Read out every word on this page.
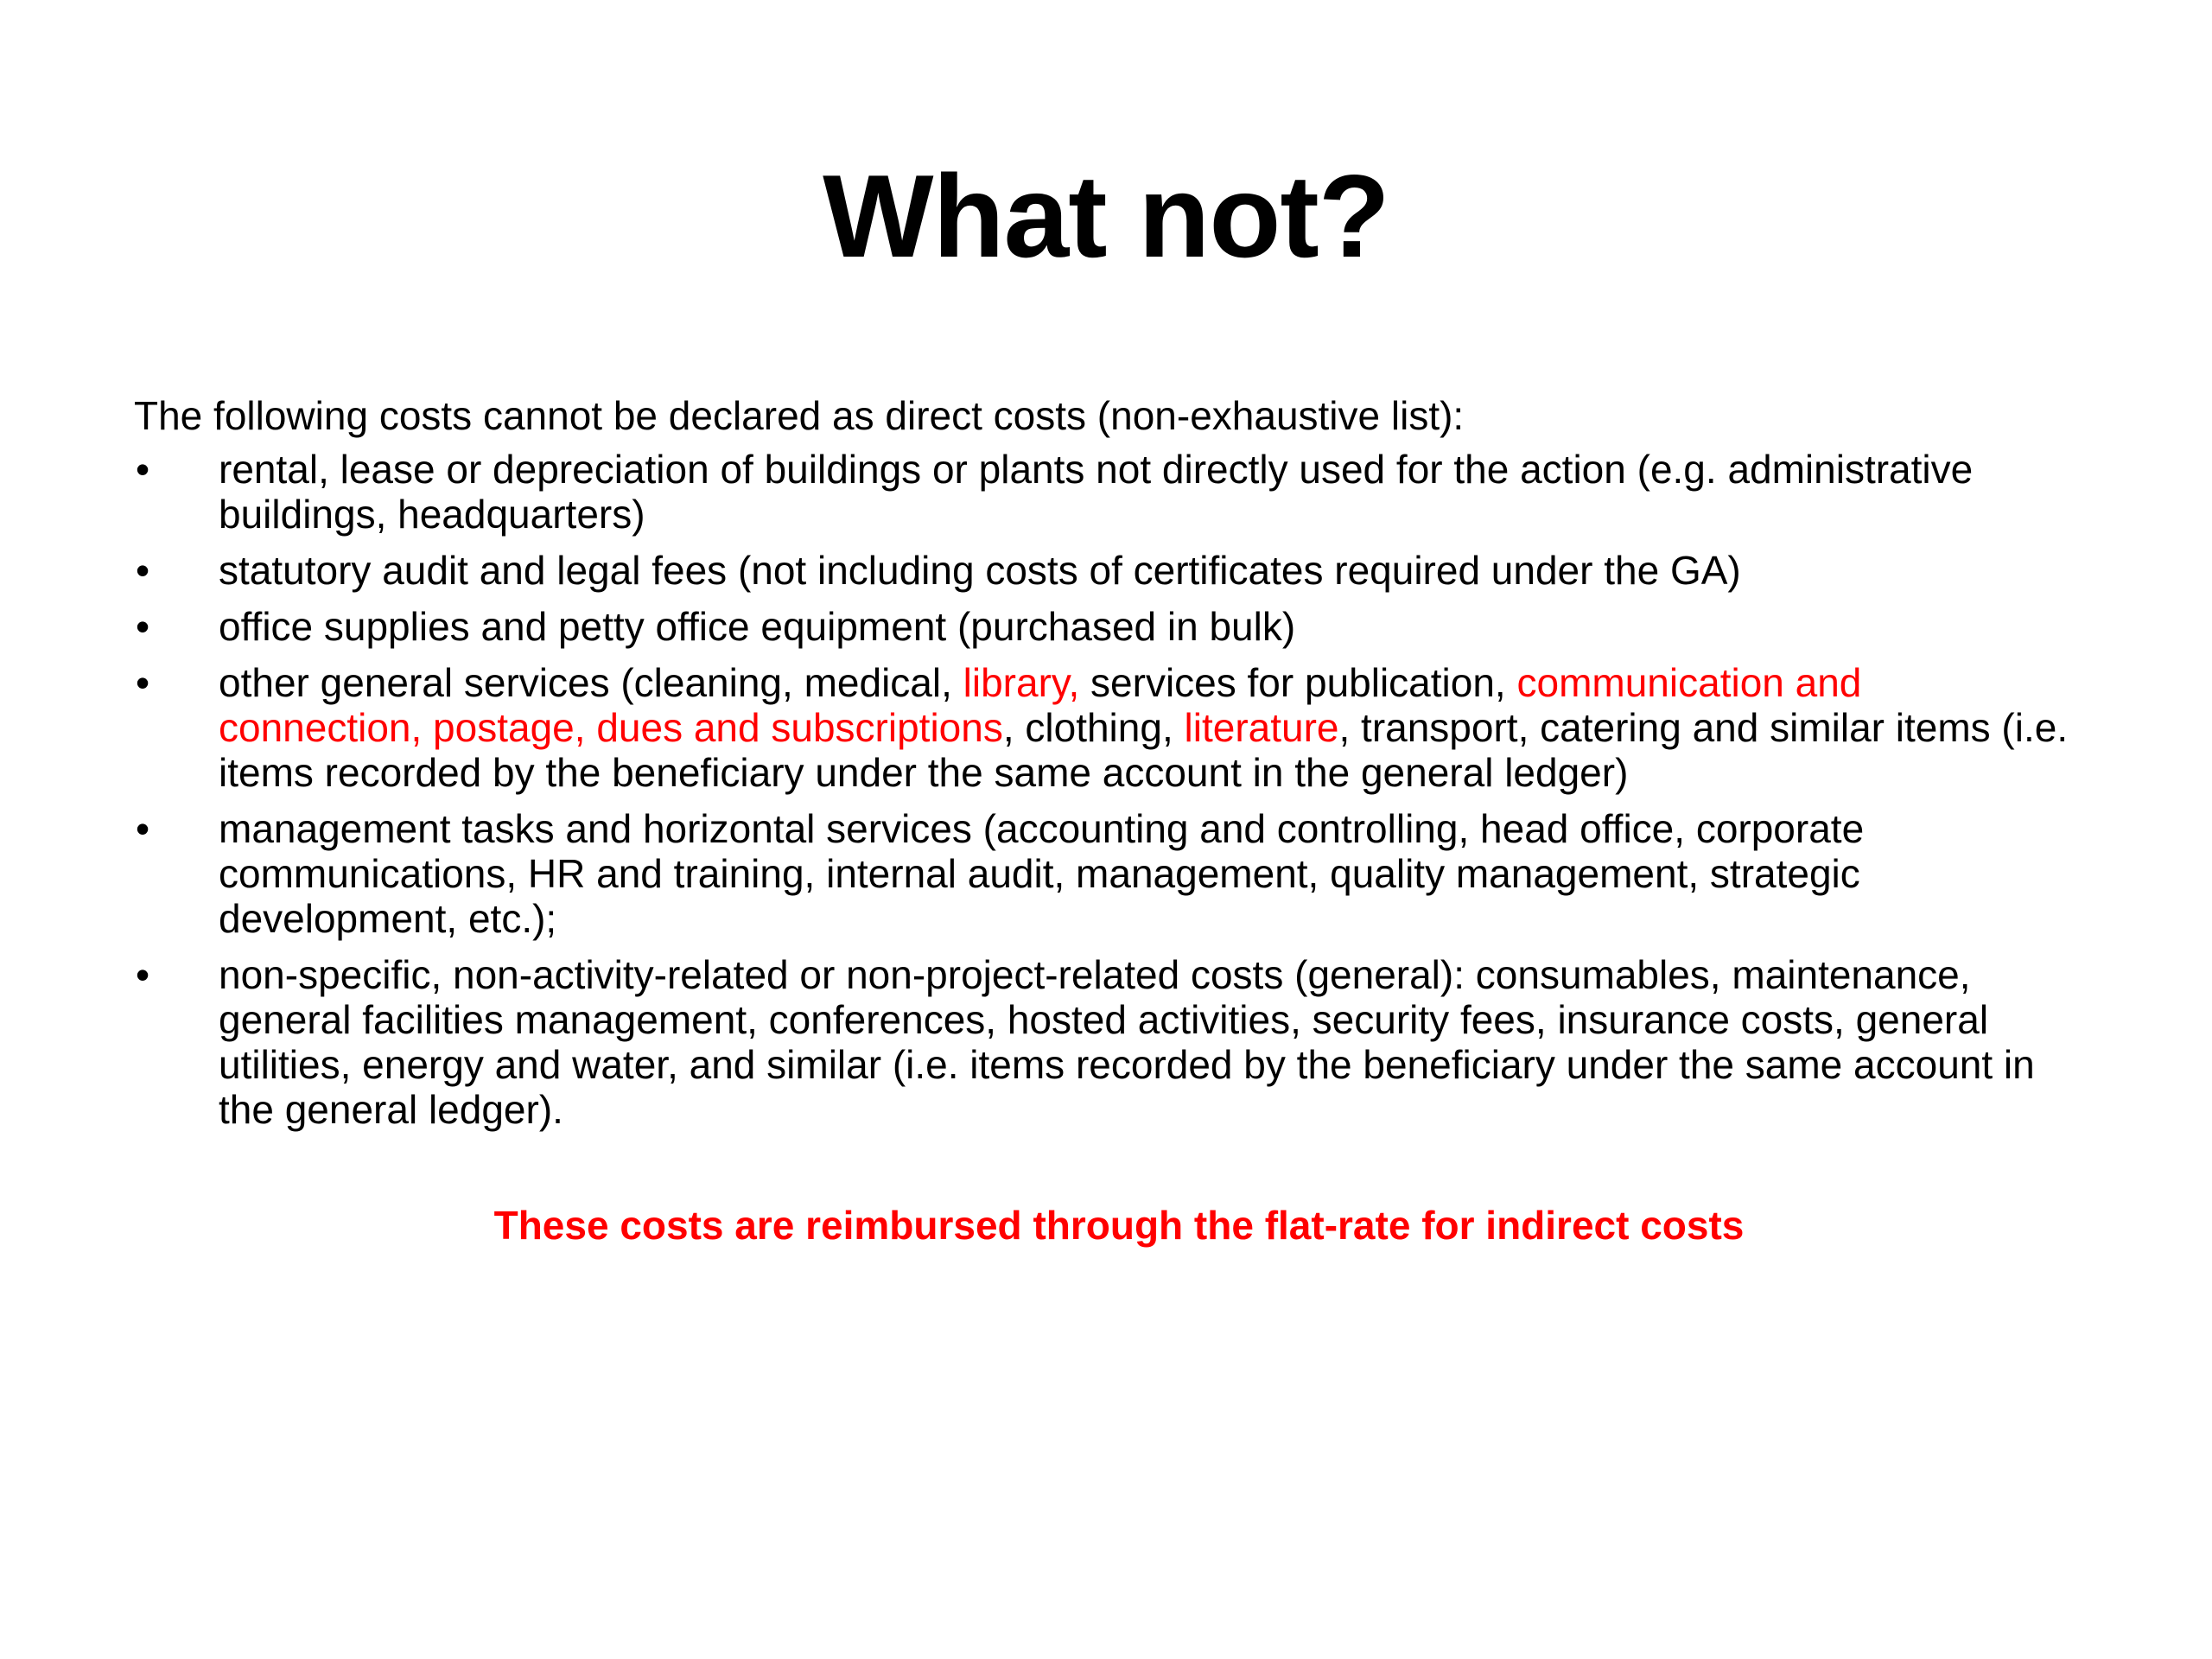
What not?

The following costs cannot be declared as direct costs (non-exhaustive list):

• rental, lease or depreciation of buildings or plants not directly used for the action (e.g. administrative buildings, headquarters)
• statutory audit and legal fees (not including costs of certificates required under the GA)
• office supplies and petty office equipment (purchased in bulk)
• other general services (cleaning, medical, library, services for publication, communication and connection, postage, dues and subscriptions, clothing, literature, transport, catering and similar items (i.e. items recorded by the beneficiary under the same account in the general ledger)
• management tasks and horizontal services (accounting and controlling, head office, corporate communications, HR and training, internal audit, management, quality management, strategic development, etc.);
• non-specific, non-activity-related or non-project-related costs (general): consumables, maintenance, general facilities management, conferences, hosted activities, security fees, insurance costs, general utilities, energy and water, and similar (i.e. items recorded by the beneficiary under the same account in the general ledger).
These costs are reimbursed through the flat-rate for indirect costs
